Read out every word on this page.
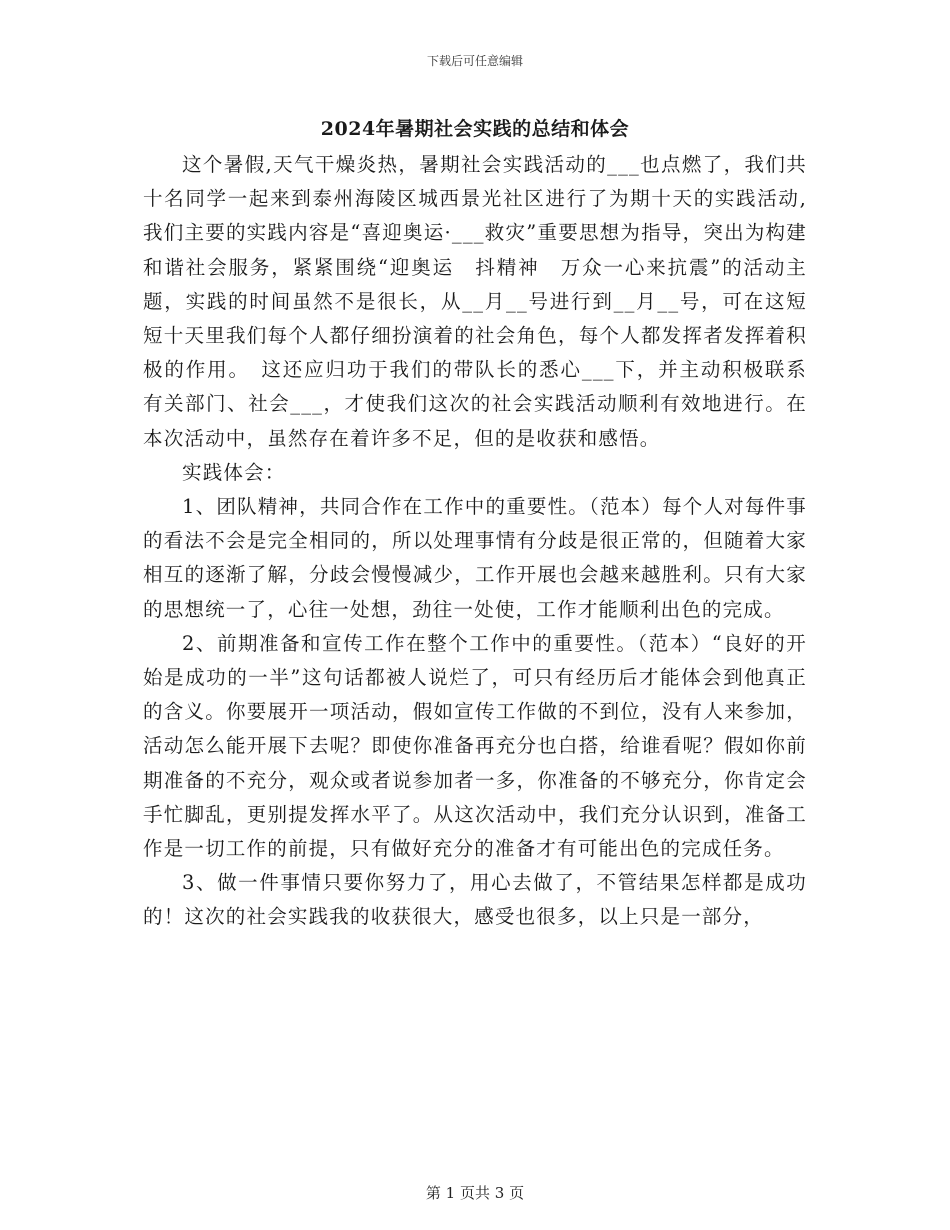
下载后可任意编辑
2024年暑期社会实践的总结和体会

这个暑假,天气干燥炎热，暑期社会实践活动的___也点燃了，我们共十名同学一起来到泰州海陵区城西景光社区进行了为期十天的实践活动,我们主要的实践内容是“喜迎奥运·___救灾”重要思想为指导，突出为构建和谐社会服务，紧紧围绕“迎奥运　抖精神　万众一心来抗震”的活动主题，实践的时间虽然不是很长，从__月__号进行到__月__号，可在这短短十天里我们每个人都仔细扮演着的社会角色，每个人都发挥者发挥着积极的作用。　这还应归功于我们的带队长的悉心___下，并主动积极联系有关部门、社会___，才使我们这次的社会实践活动顺利有效地进行。在本次活动中，虽然存在着许多不足，但的是收获和感悟。

实践体会：

1、团队精神，共同合作在工作中的重要性。（范本）每个人对每件事的看法不会是完全相同的，所以处理事情有分歧是很正常的，但随着大家相互的逐渐了解，分歧会慢慢减少，工作开展也会越来越胜利。只有大家的思想统一了，心往一处想，劲往一处使，工作才能顺利出色的完成。

2、前期准备和宣传工作在整个工作中的重要性。（范本）“良好的开始是成功的一半”这句话都被人说烂了，可只有经历后才能体会到他真正的含义。你要展开一项活动，假如宣传工作做的不到位，没有人来参加，活动怎么能开展下去呢？即使你准备再充分也白搭，给谁看呢？假如你前期准备的不充分，观众或者说参加者一多，你准备的不够充分，你肯定会手忙脚乱，更别提发挥水平了。从这次活动中，我们充分认识到，准备工作是一切工作的前提，只有做好充分的准备才有可能出色的完成任务。

3、做一件事情只要你努力了，用心去做了，不管结果怎样都是成功的！这次的社会实践我的收获很大，感受也很多，以上只是一部分，

第 1 页共 3 页
